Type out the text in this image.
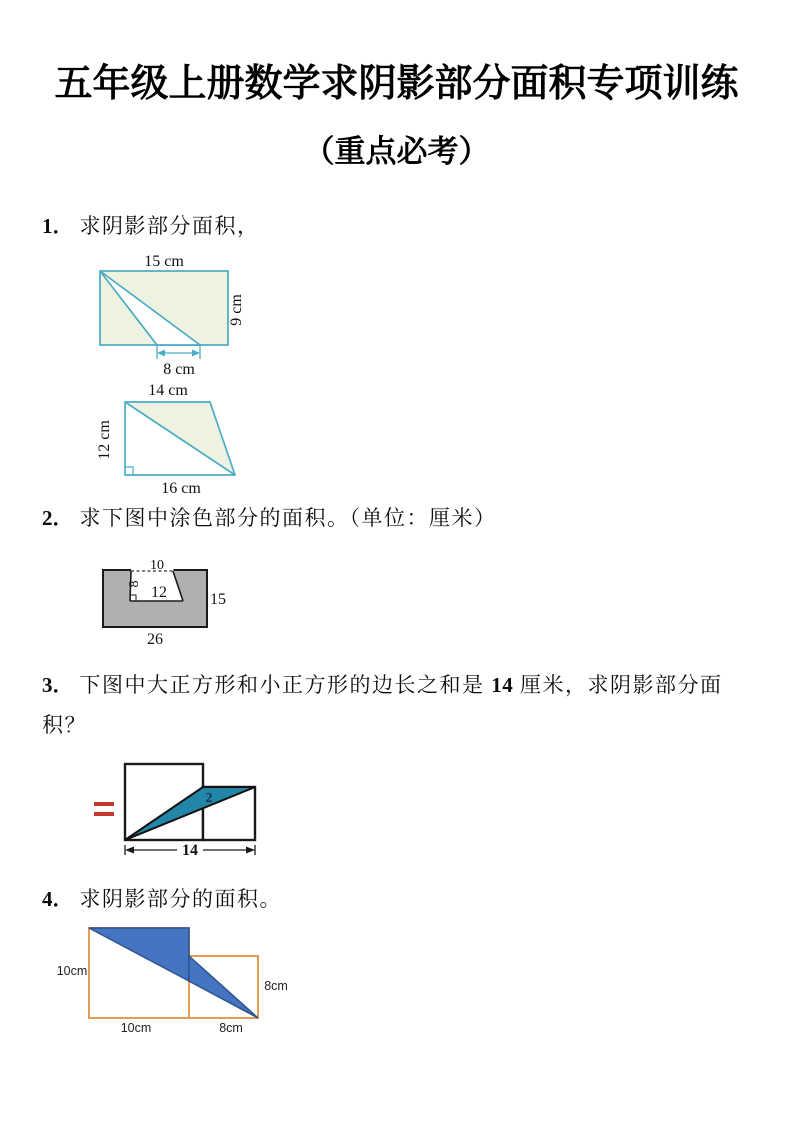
五年级上册数学求阴影部分面积专项训练
（重点必考）
1． 求阴影部分面积，
15 cm
9 cm
8 cm
14 cm
12 cm
16 cm
2． 求下图中涂色部分的面积。（单位：厘米）
8
10
12	15
26
3． 下图中大正方形和小正方形的边长之和是 14 厘米，求阴影部分面
积？
2
14
4． 求阴影部分的面积。
10cm
10cm
8cm
8cm
